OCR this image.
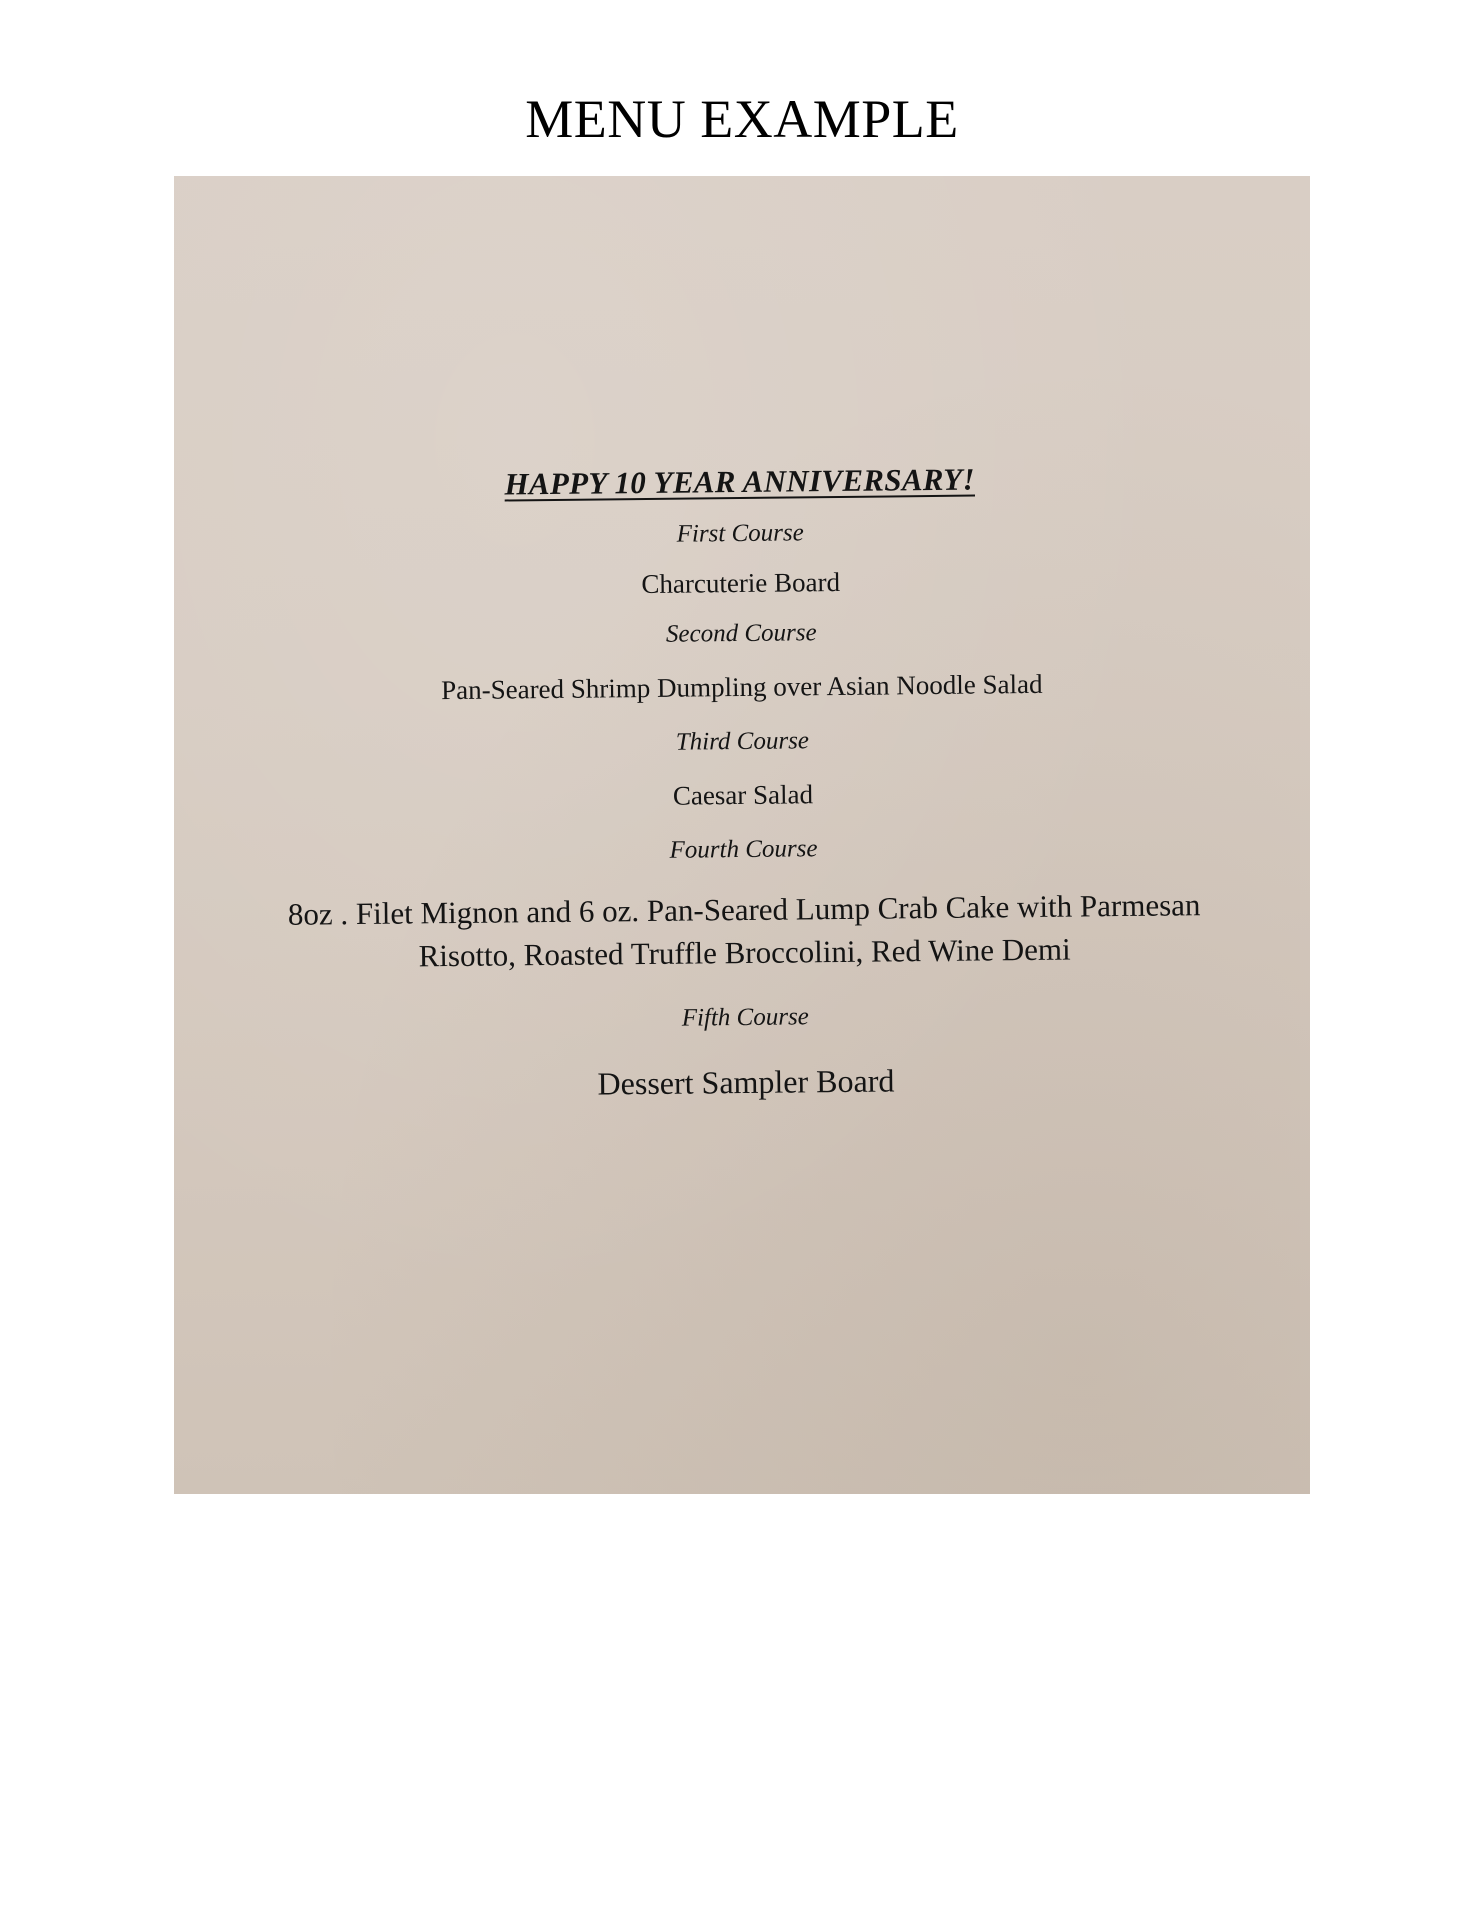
MENU EXAMPLE
HAPPY 10 YEAR ANNIVERSARY!
First Course
Charcuterie Board
Second Course
Pan-Seared Shrimp Dumpling over Asian Noodle Salad
Third Course
Caesar Salad
Fourth Course
8oz . Filet Mignon and 6 oz. Pan-Seared Lump Crab Cake with Parmesan
Risotto, Roasted Truffle Broccolini, Red Wine Demi
Fifth Course
Dessert Sampler Board
